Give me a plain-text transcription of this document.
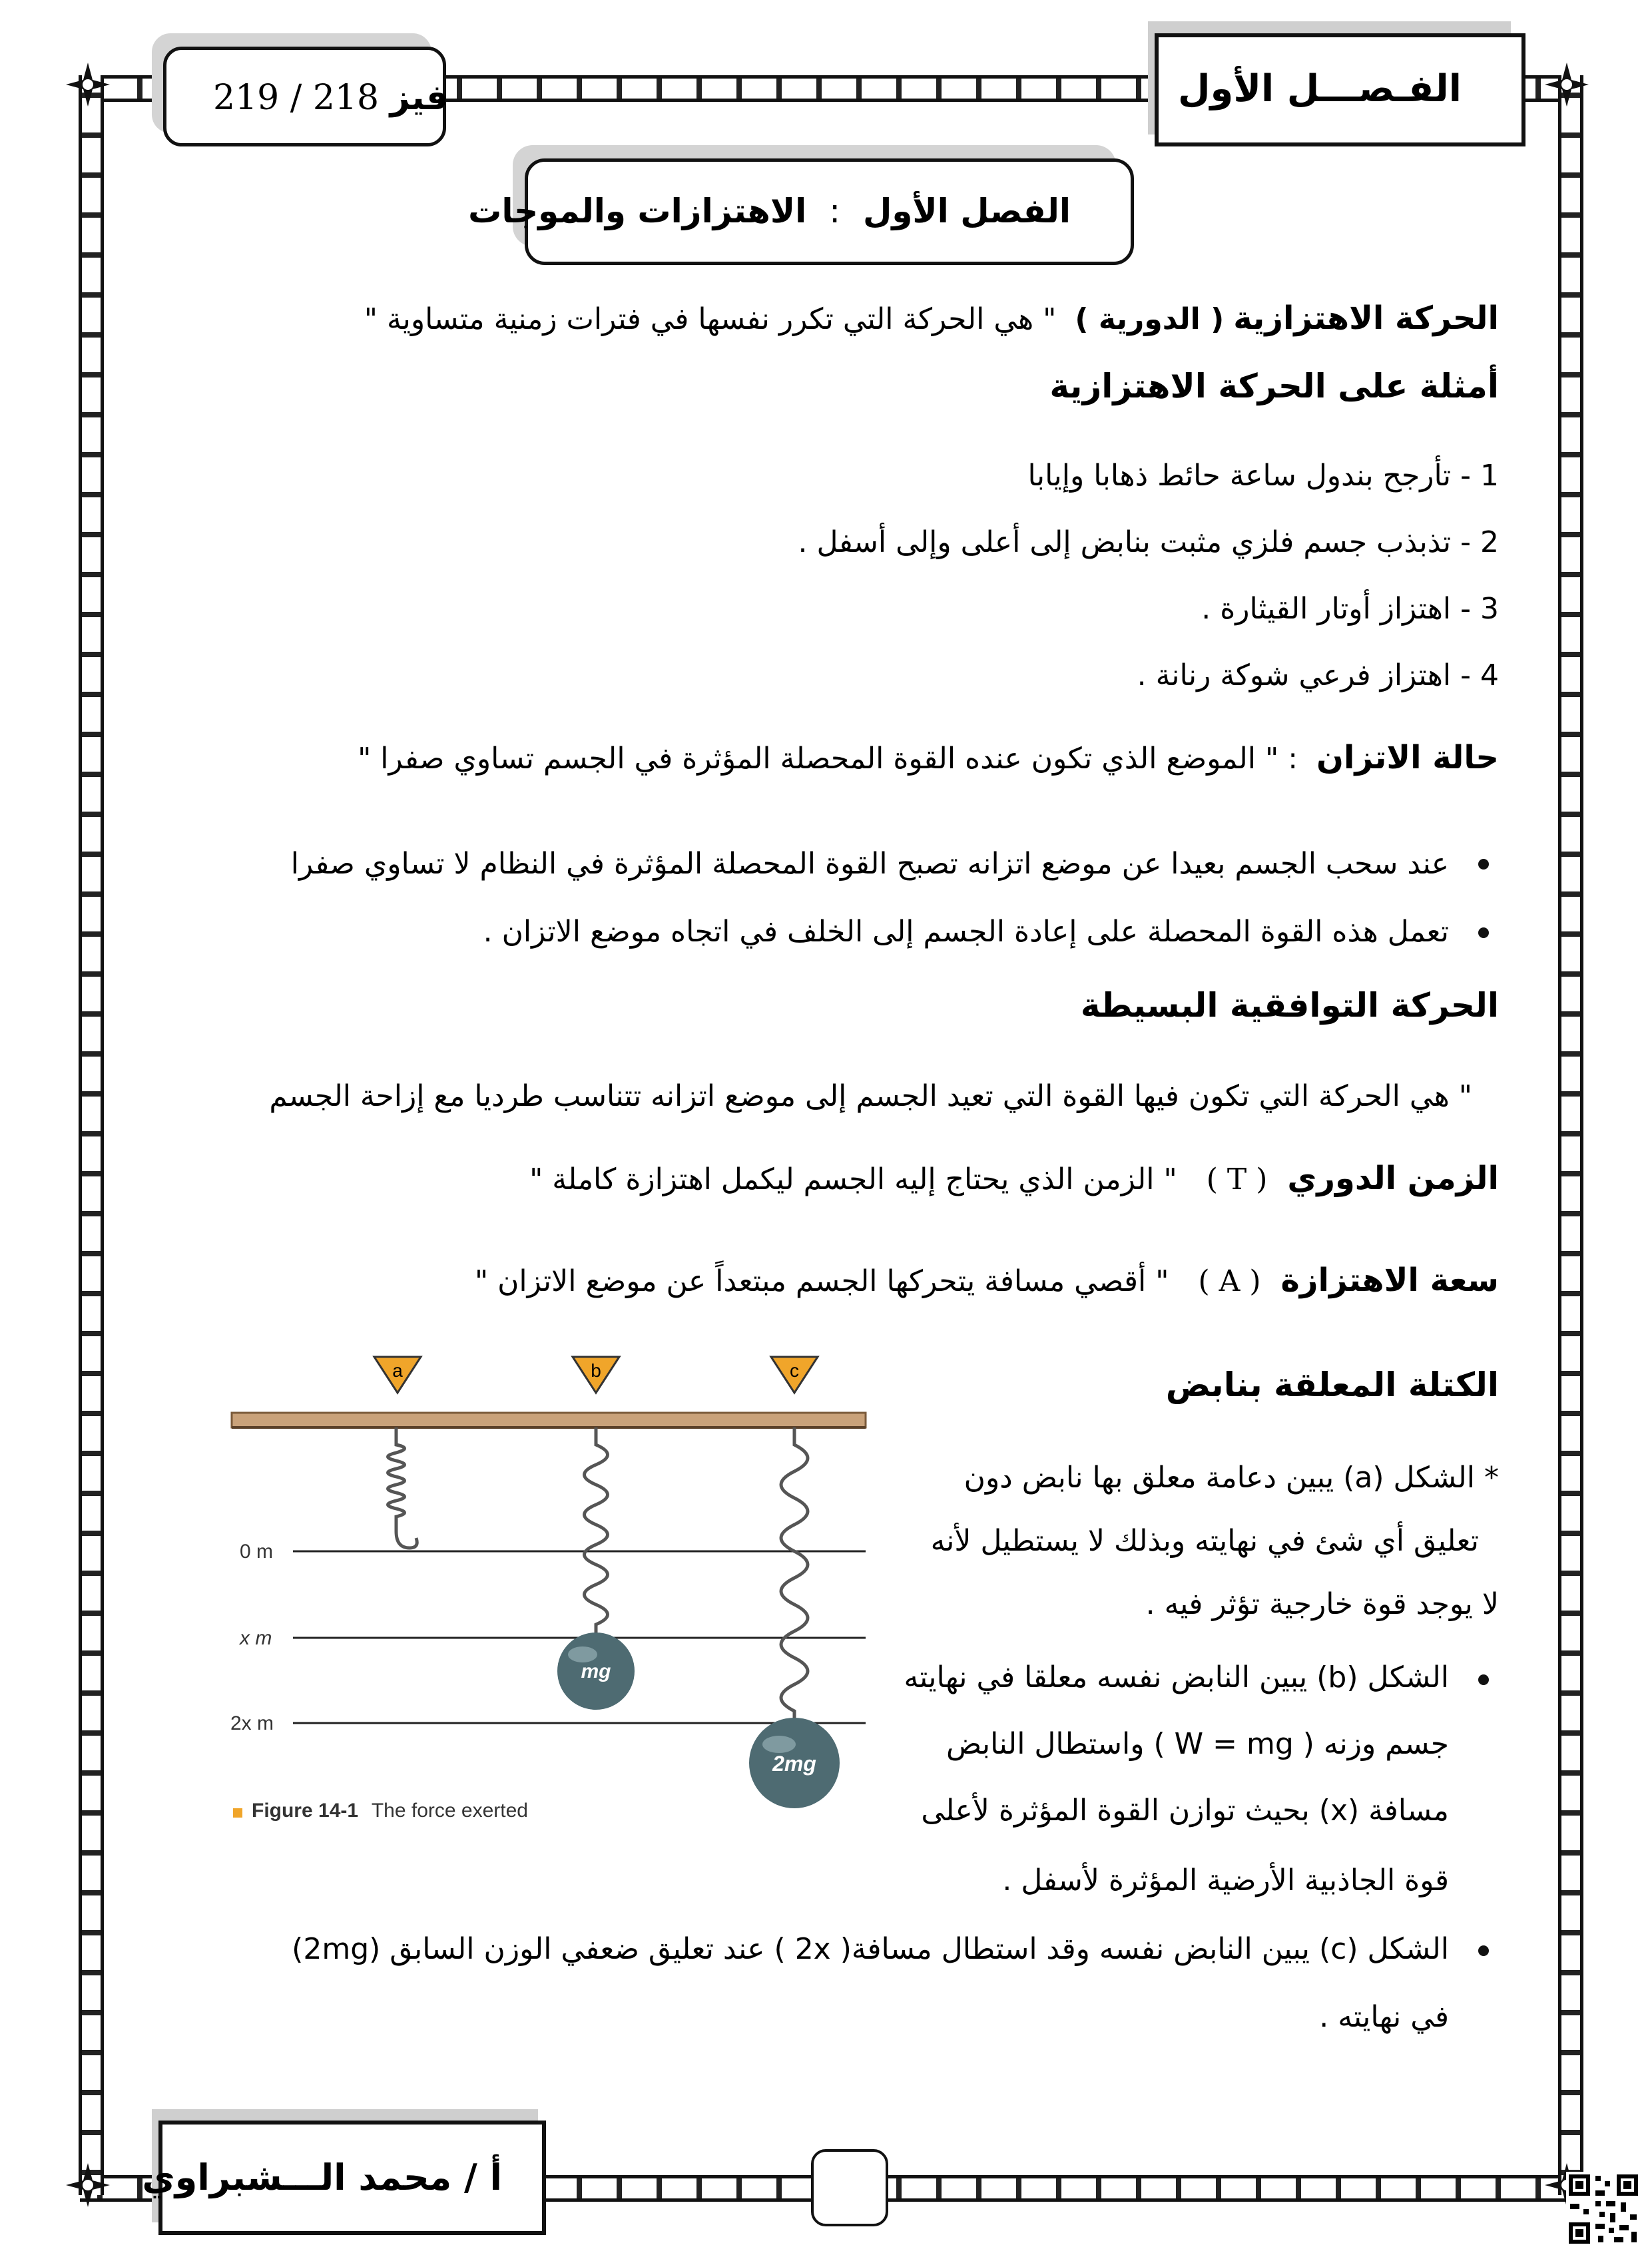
الفـصـــل الأول
219 / 218 فيز
الفصل الأول : الاهتزازات والموجات
الحركة الاهتزازية ( الدورية ) " هي الحركة التي تكرر نفسها في فترات زمنية متساوية "
أمثلة على الحركة الاهتزازية
1 - تأرجح بندول ساعة حائط ذهابا وإيابا
2 - تذبذب جسم فلزي مثبت بنابض إلى أعلى وإلى أسفل .
3 - اهتزاز أوتار القيثارة .
4 - اهتزاز فرعي شوكة رنانة .
حالة الاتزان : " الموضع الذي تكون عنده القوة المحصلة المؤثرة في الجسم تساوي صفرا "
عند سحب الجسم بعيدا عن موضع اتزانه تصبح القوة المحصلة المؤثرة في النظام لا تساوي صفرا
تعمل هذه القوة المحصلة على إعادة الجسم إلى الخلف في اتجاه موضع الاتزان .
الحركة التوافقية البسيطة
" هي الحركة التي تكون فيها القوة التي تعيد الجسم إلى موضع اتزانه تتناسب طرديا مع إزاحة الجسم
الزمن الدوري ( T ) " الزمن الذي يحتاج إليه الجسم ليكمل اهتزازة كاملة "
سعة الاهتزازة ( A ) " أقصي مسافة يتحركها الجسم مبتعداً عن موضع الاتزان "
الكتلة المعلقة بنابض
* الشكل (a) يبين دعامة معلق بها نابض دون
تعليق أي شئ في نهايته وبذلك لا يستطيل لأنه
لا يوجد قوة خارجية تؤثر فيه .
الشكل (b) يبين النابض نفسه معلقا في نهايته
جسم وزنه ( W = mg ) واستطال النابض
مسافة (x) بحيث توازن القوة المؤثرة لأعلى
قوة الجاذبية الأرضية المؤثرة لأسفل .
الشكل (c) يبين النابض نفسه وقد استطال مسافة( 2x ) عند تعليق ضعفي الوزن السابق (2mg)
في نهايته .
a	b	c
mg
2mg
0 m
x m
2x m
Figure 14-1 The force exerted
أ / محمد الـــشبراوي
